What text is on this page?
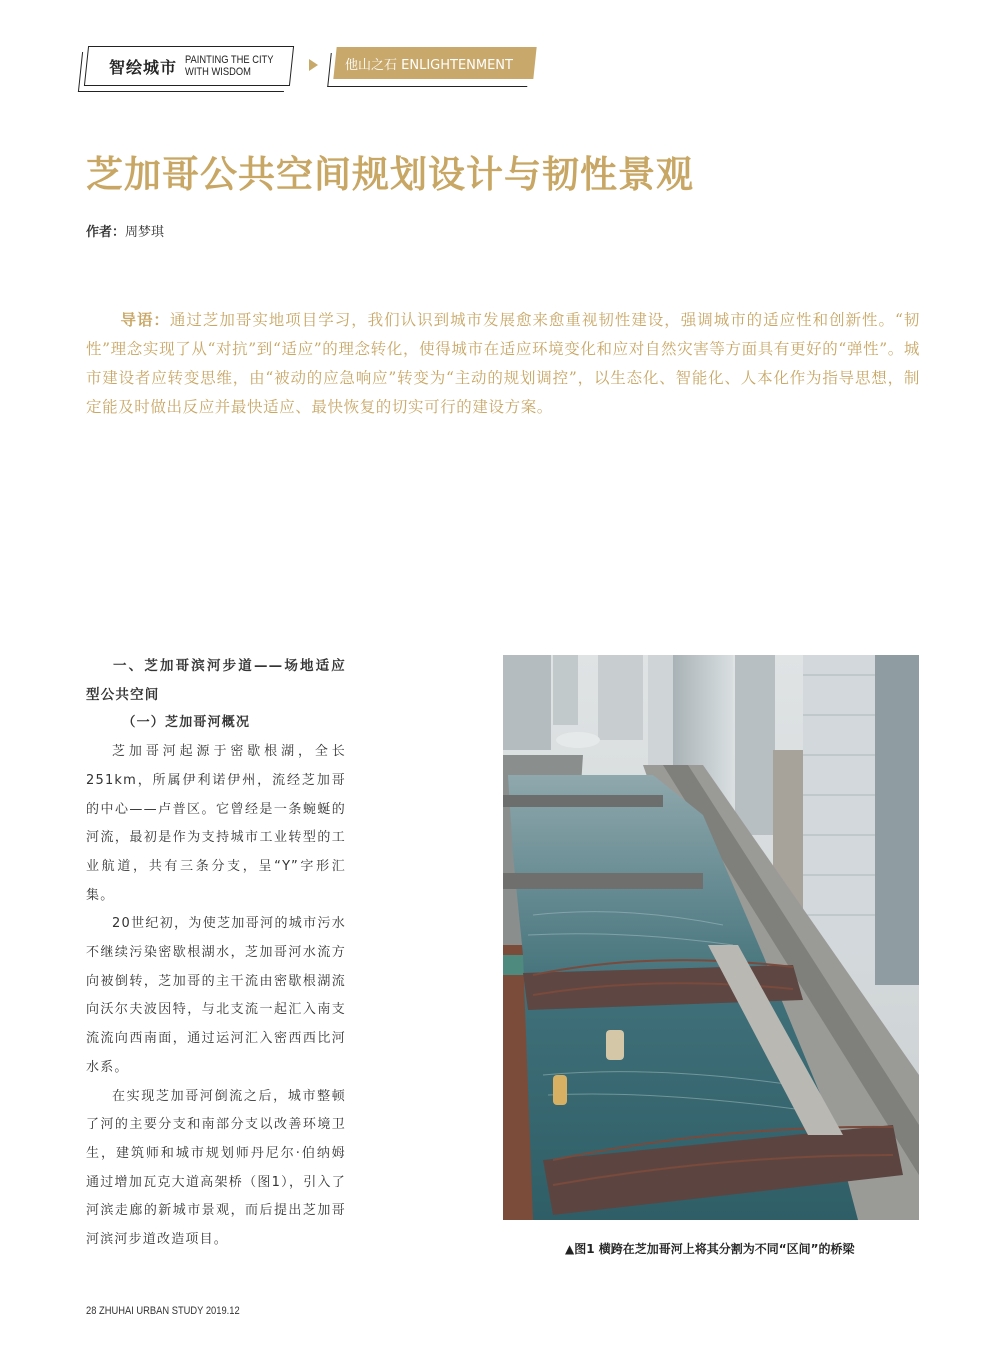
智绘城市 PAINTING THE CITY
WITH WISDOM	他山之石 ENLIGHTENMENT
芝加哥公共空间规划设计与韧性景观
作者：周梦琪
导语：通过芝加哥实地项目学习，我们认识到城市发展愈来愈重视韧性建设，强调城市的适应性和创新性。“韧性”理念实现了从“对抗”到“适应”的理念转化，使得城市在适应环境变化和应对自然灾害等方面具有更好的“弹性”。城市建设者应转变思维，由“被动的应急响应”转变为“主动的规划调控”，以生态化、智能化、人本化作为指导思想，制定能及时做出反应并最快适应、最快恢复的切实可行的建设方案。
一、芝加哥滨河步道——场地适应型公共空间
（一）芝加哥河概况

芝加哥河起源于密歇根湖，全长251km，所属伊利诺伊州，流经芝加哥的中心——卢普区。它曾经是一条蜿蜒的河流，最初是作为支持城市工业转型的工业航道，共有三条分支，呈“Y”字形汇集。

20世纪初，为使芝加哥河的城市污水不继续污染密歇根湖水，芝加哥河水流方向被倒转，芝加哥的主干流由密歇根湖流向沃尔夫波因特，与北支流一起汇入南支流流向西南面，通过运河汇入密西西比河水系。

在实现芝加哥河倒流之后，城市整顿了河的主要分支和南部分支以改善环境卫生，建筑师和城市规划师丹尼尔·伯纳姆通过增加瓦克大道高架桥（图1），引入了河滨走廊的新城市景观，而后提出芝加哥河滨河步道改造项目。

▲图1 横跨在芝加哥河上将其分割为不同“区间”的桥梁
28 ZHUHAI URBAN STUDY 2019.12
